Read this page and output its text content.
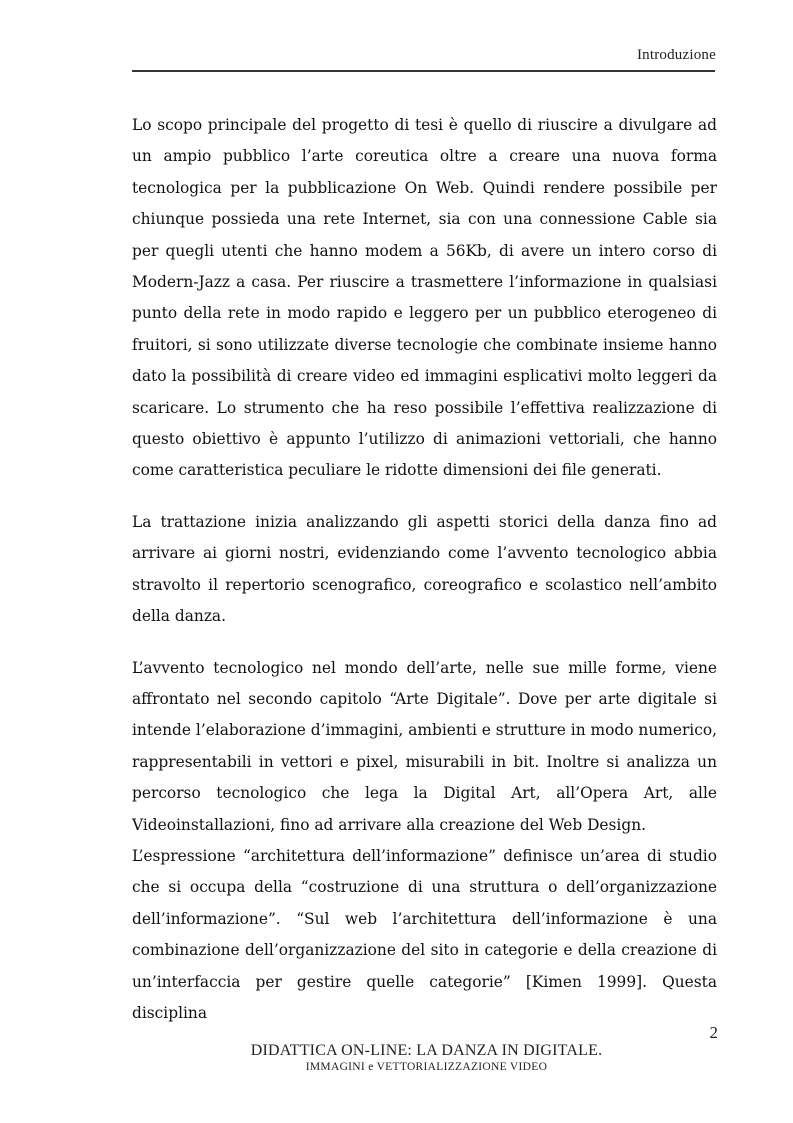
Introduzione

Lo scopo principale del progetto di tesi è quello di riuscire a divulgare ad un ampio pubblico l’arte coreutica oltre a creare una nuova forma tecnologica per la pubblicazione On Web. Quindi rendere possibile per chiunque possieda una rete Internet, sia con una connessione Cable sia per quegli utenti che hanno modem a 56Kb, di avere un intero corso di Modern-Jazz a casa. Per riuscire a trasmettere l’informazione in qualsiasi punto della rete in modo rapido e leggero per un pubblico eterogeneo di fruitori, si sono utilizzate diverse tecnologie che combinate insieme hanno dato la possibilità di creare video ed immagini esplicativi molto leggeri da scaricare. Lo strumento che ha reso possibile l’effettiva realizzazione di questo obiettivo è appunto l’utilizzo di animazioni vettoriali, che hanno come caratteristica peculiare le ridotte dimensioni dei file generati.

La trattazione inizia analizzando gli aspetti storici della danza fino ad arrivare ai giorni nostri, evidenziando come l’avvento tecnologico abbia stravolto il repertorio scenografico, coreografico e scolastico nell’ambito della danza.

L’avvento tecnologico nel mondo dell’arte, nelle sue mille forme, viene affrontato nel secondo capitolo “Arte Digitale”. Dove per arte digitale si intende l’elaborazione d’immagini, ambienti e strutture in modo numerico, rappresentabili in vettori e pixel, misurabili in bit. Inoltre si analizza un percorso tecnologico che lega la Digital Art, all’Opera Art, alle Videoinstallazioni, fino ad arrivare alla creazione del Web Design.

L’espressione “architettura dell’informazione” definisce un’area di studio che si occupa della “costruzione di una struttura o dell’organizzazione dell’informazione”. “Sul web l’architettura dell’informazione è una combinazione dell’organizzazione del sito in categorie e della creazione di un’interfaccia per gestire quelle categorie” [Kimen 1999]. Questa disciplina

2
DIDATTICA ON-LINE: LA DANZA IN DIGITALE.
IMMAGINI e VETTORIALIZZAZIONE VIDEO
